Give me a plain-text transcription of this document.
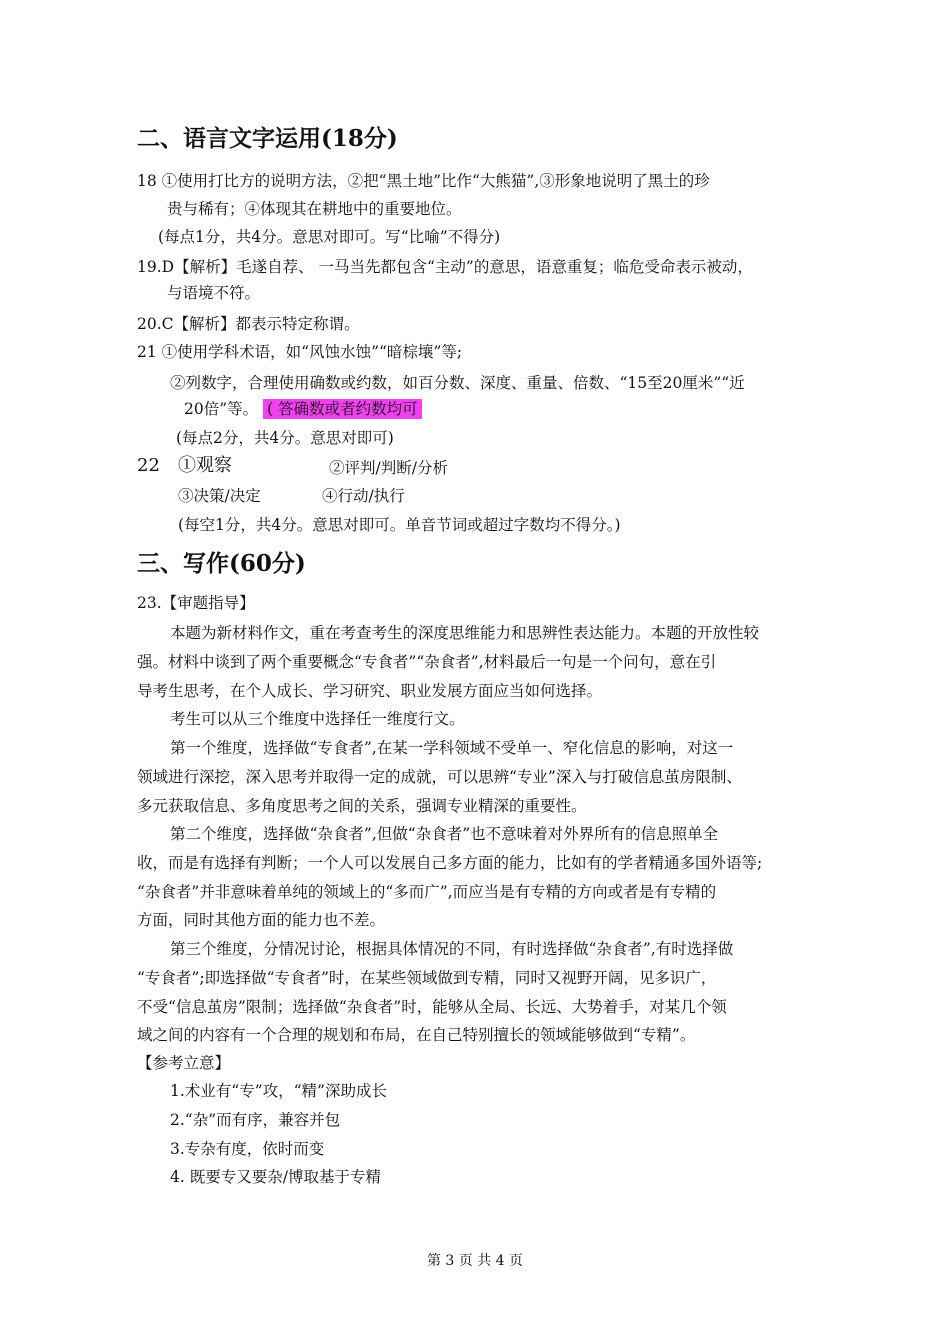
二、语言文字运用(18分)
18 ①使用打比方的说明方法，②把“黑土地”比作“大熊猫”,③形象地说明了黑土的珍
贵与稀有；④体现其在耕地中的重要地位。
(每点1分，共4分。意思对即可。写“比喻”不得分)
19.D【解析】毛遂自荐、 一马当先都包含“主动”的意思，语意重复；临危受命表示被动，
与语境不符。
20.C【解析】都表示特定称谓。
21 ①使用学科术语，如“风蚀水蚀”“暗棕壤”等;
②列数字，合理使用确数或约数，如百分数、深度、重量、倍数、“15至20厘米”“近
20倍”等。 ( 答确数或者约数均可
(每点2分，共4分。意思对即可)
22 ①观察	②评判/判断/分析
③决策/决定	④行动/执行
(每空1分，共4分。意思对即可。单音节词或超过字数均不得分。)
三、写作(60分)
23.【审题指导】
本题为新材料作文，重在考查考生的深度思维能力和思辨性表达能力。本题的开放性较
强。材料中谈到了两个重要概念“专食者”“杂食者”,材料最后一句是一个问句，意在引
导考生思考，在个人成长、学习研究、职业发展方面应当如何选择。
考生可以从三个维度中选择任一维度行文。
第一个维度，选择做“专食者”,在某一学科领域不受单一、窄化信息的影响，对这一
领域进行深挖，深入思考并取得一定的成就，可以思辨“专业”深入与打破信息茧房限制、
多元获取信息、多角度思考之间的关系，强调专业精深的重要性。
第二个维度，选择做“杂食者”,但做“杂食者”也不意味着对外界所有的信息照单全
收，而是有选择有判断；一个人可以发展自己多方面的能力，比如有的学者精通多国外语等;
“杂食者”并非意味着单纯的领域上的“多而广”,而应当是有专精的方向或者是有专精的
方面，同时其他方面的能力也不差。
第三个维度，分情况讨论，根据具体情况的不同，有时选择做“杂食者”,有时选择做
“专食者”;即选择做“专食者”时，在某些领域做到专精，同时又视野开阔，见多识广，
不受“信息茧房”限制；选择做“杂食者”时，能够从全局、长远、大势着手，对某几个领
域之间的内容有一个合理的规划和布局，在自己特别擅长的领域能够做到“专精”。
【参考立意】
1.术业有“专”攻，“精”深助成长
2.“杂”而有序，兼容并包
3.专杂有度，依时而变
4. 既要专又要杂/博取基于专精
第 3 页 共 4 页
